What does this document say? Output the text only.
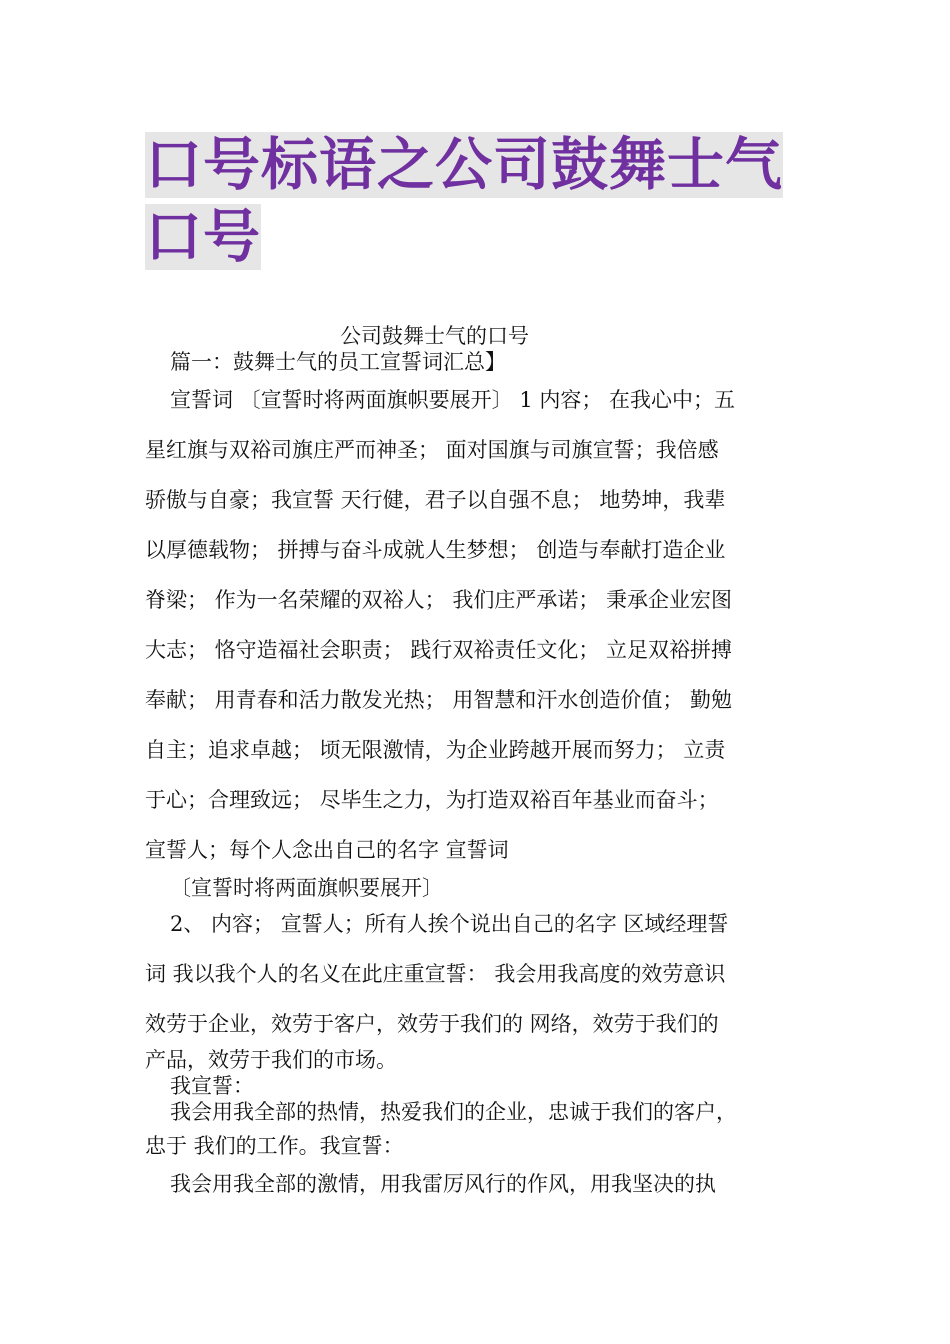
口号标语之公司鼓舞士气
口号

公司鼓舞士气的口号

篇一：鼓舞士气的员工宣誓词汇总】

宣誓词 〔宣誓时将两面旗帜要展开〕 1 内容； 在我心中；五

星红旗与双裕司旗庄严而神圣； 面对国旗与司旗宣誓；我倍感

骄傲与自豪；我宣誓 天行健，君子以自强不息； 地势坤，我辈

以厚德载物； 拼搏与奋斗成就人生梦想； 创造与奉献打造企业

脊梁； 作为一名荣耀的双裕人； 我们庄严承诺； 秉承企业宏图

大志； 恪守造福社会职责； 践行双裕责任文化； 立足双裕拼搏

奉献； 用青春和活力散发光热； 用智慧和汗水创造价值； 勤勉

自主；追求卓越； 顷无限激情，为企业跨越开展而努力； 立责

于心；合理致远； 尽毕生之力，为打造双裕百年基业而奋斗；

宣誓人；每个人念出自己的名字 宣誓词

〔宣誓时将两面旗帜要展开〕

2、 内容； 宣誓人；所有人挨个说出自己的名字 区域经理誓

词 我以我个人的名义在此庄重宣誓： 我会用我高度的效劳意识

效劳于企业，效劳于客户，效劳于我们的 网络，效劳于我们的

产品，效劳于我们的市场。

我宣誓：

我会用我全部的热情，热爱我们的企业，忠诚于我们的客户，

忠于 我们的工作。我宣誓：

我会用我全部的激情，用我雷厉风行的作风，用我坚决的执
